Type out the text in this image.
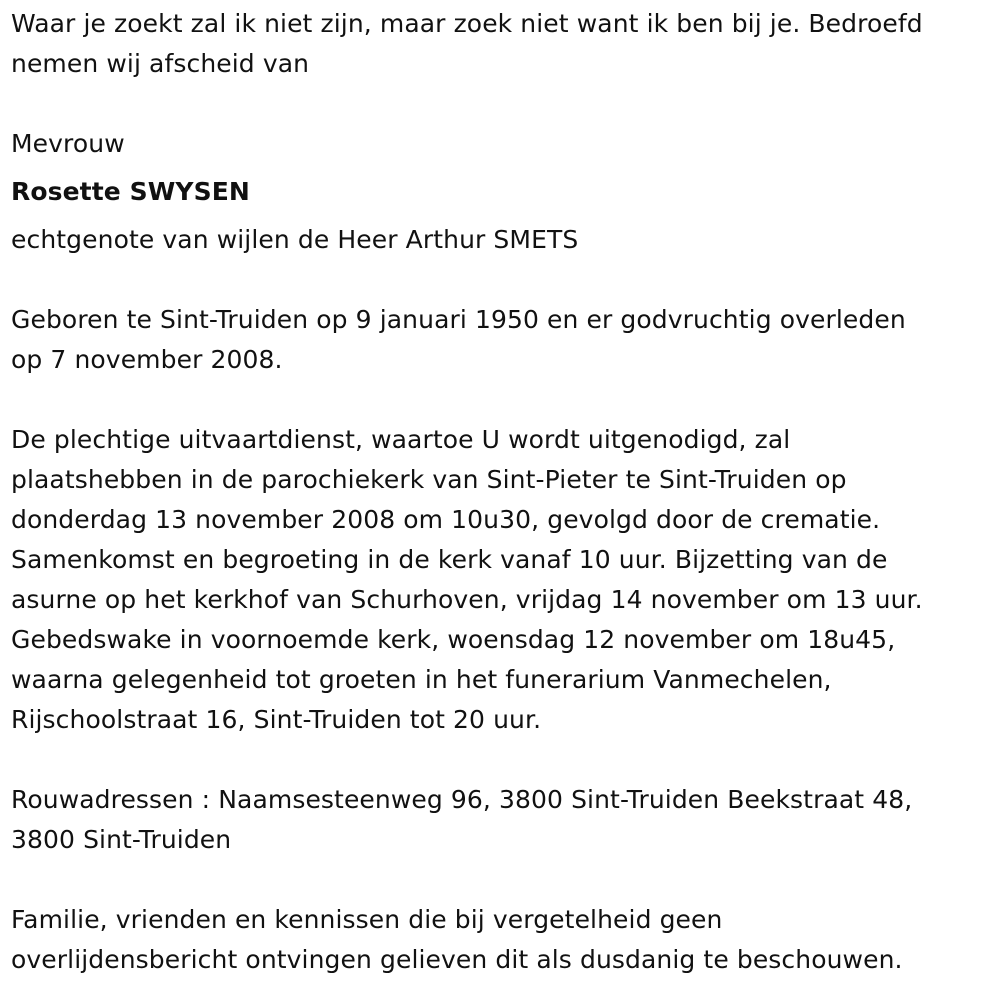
Waar je zoekt zal ik niet zijn, maar zoek niet want ik ben bij je. Bedroefd
nemen wij afscheid van
Mevrouw
Rosette SWYSEN
echtgenote van wijlen de Heer Arthur SMETS
Geboren te Sint-Truiden op 9 januari 1950 en er godvruchtig overleden
op 7 november 2008.
De plechtige uitvaartdienst, waartoe U wordt uitgenodigd, zal
plaatshebben in de parochiekerk van Sint-Pieter te Sint-Truiden op
donderdag 13 november 2008 om 10u30, gevolgd door de crematie.
Samenkomst en begroeting in de kerk vanaf 10 uur. Bijzetting van de
asurne op het kerkhof van Schurhoven, vrijdag 14 november om 13 uur.
Gebedswake in voornoemde kerk, woensdag 12 november om 18u45,
waarna gelegenheid tot groeten in het funerarium Vanmechelen,
Rijschoolstraat 16, Sint-Truiden tot 20 uur.
Rouwadressen : Naamsesteenweg 96, 3800 Sint-Truiden Beekstraat 48,
3800 Sint-Truiden
Familie, vrienden en kennissen die bij vergetelheid geen
overlijdensbericht ontvingen gelieven dit als dusdanig te beschouwen.
